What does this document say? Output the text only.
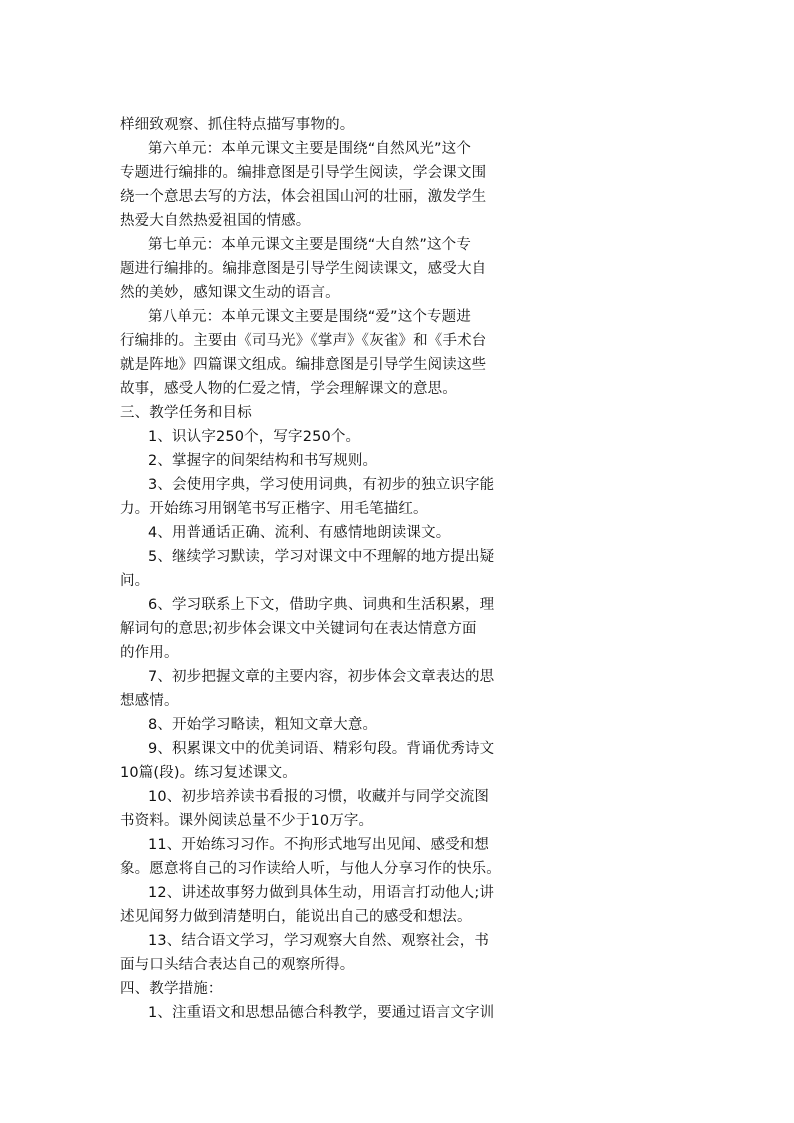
样细致观察、抓住特点描写事物的。
第六单元：本单元课文主要是围绕“自然风光”这个
专题进行编排的。编排意图是引导学生阅读，学会课文围
绕一个意思去写的方法，体会祖国山河的壮丽，激发学生
热爱大自然热爱祖国的情感。
第七单元：本单元课文主要是围绕“大自然”这个专
题进行编排的。编排意图是引导学生阅读课文，感受大自
然的美妙，感知课文生动的语言。
第八单元：本单元课文主要是围绕“爱”这个专题进
行编排的。主要由《司马光》《掌声》《灰雀》和《手术台
就是阵地》四篇课文组成。编排意图是引导学生阅读这些
故事，感受人物的仁爱之情，学会理解课文的意思。
三、教学任务和目标
1、识认字250个，写字250个。
2、掌握字的间架结构和书写规则。
3、会使用字典，学习使用词典，有初步的独立识字能
力。开始练习用钢笔书写正楷字、用毛笔描红。
4、用普通话正确、流利、有感情地朗读课文。
5、继续学习默读，学习对课文中不理解的地方提出疑
问。
6、学习联系上下文，借助字典、词典和生活积累，理
解词句的意思;初步体会课文中关键词句在表达情意方面
的作用。
7、初步把握文章的主要内容，初步体会文章表达的思
想感情。
8、开始学习略读，粗知文章大意。
9、积累课文中的优美词语、精彩句段。背诵优秀诗文
10篇(段)。练习复述课文。
10、初步培养读书看报的习惯，收藏并与同学交流图
书资料。课外阅读总量不少于10万字。
11、开始练习习作。不拘形式地写出见闻、感受和想
象。愿意将自己的习作读给人听，与他人分享习作的快乐。
12、讲述故事努力做到具体生动，用语言打动他人;讲
述见闻努力做到清楚明白，能说出自己的感受和想法。
13、结合语文学习，学习观察大自然、观察社会，书
面与口头结合表达自己的观察所得。
四、教学措施：
1、注重语文和思想品德合科教学，要通过语言文字训
